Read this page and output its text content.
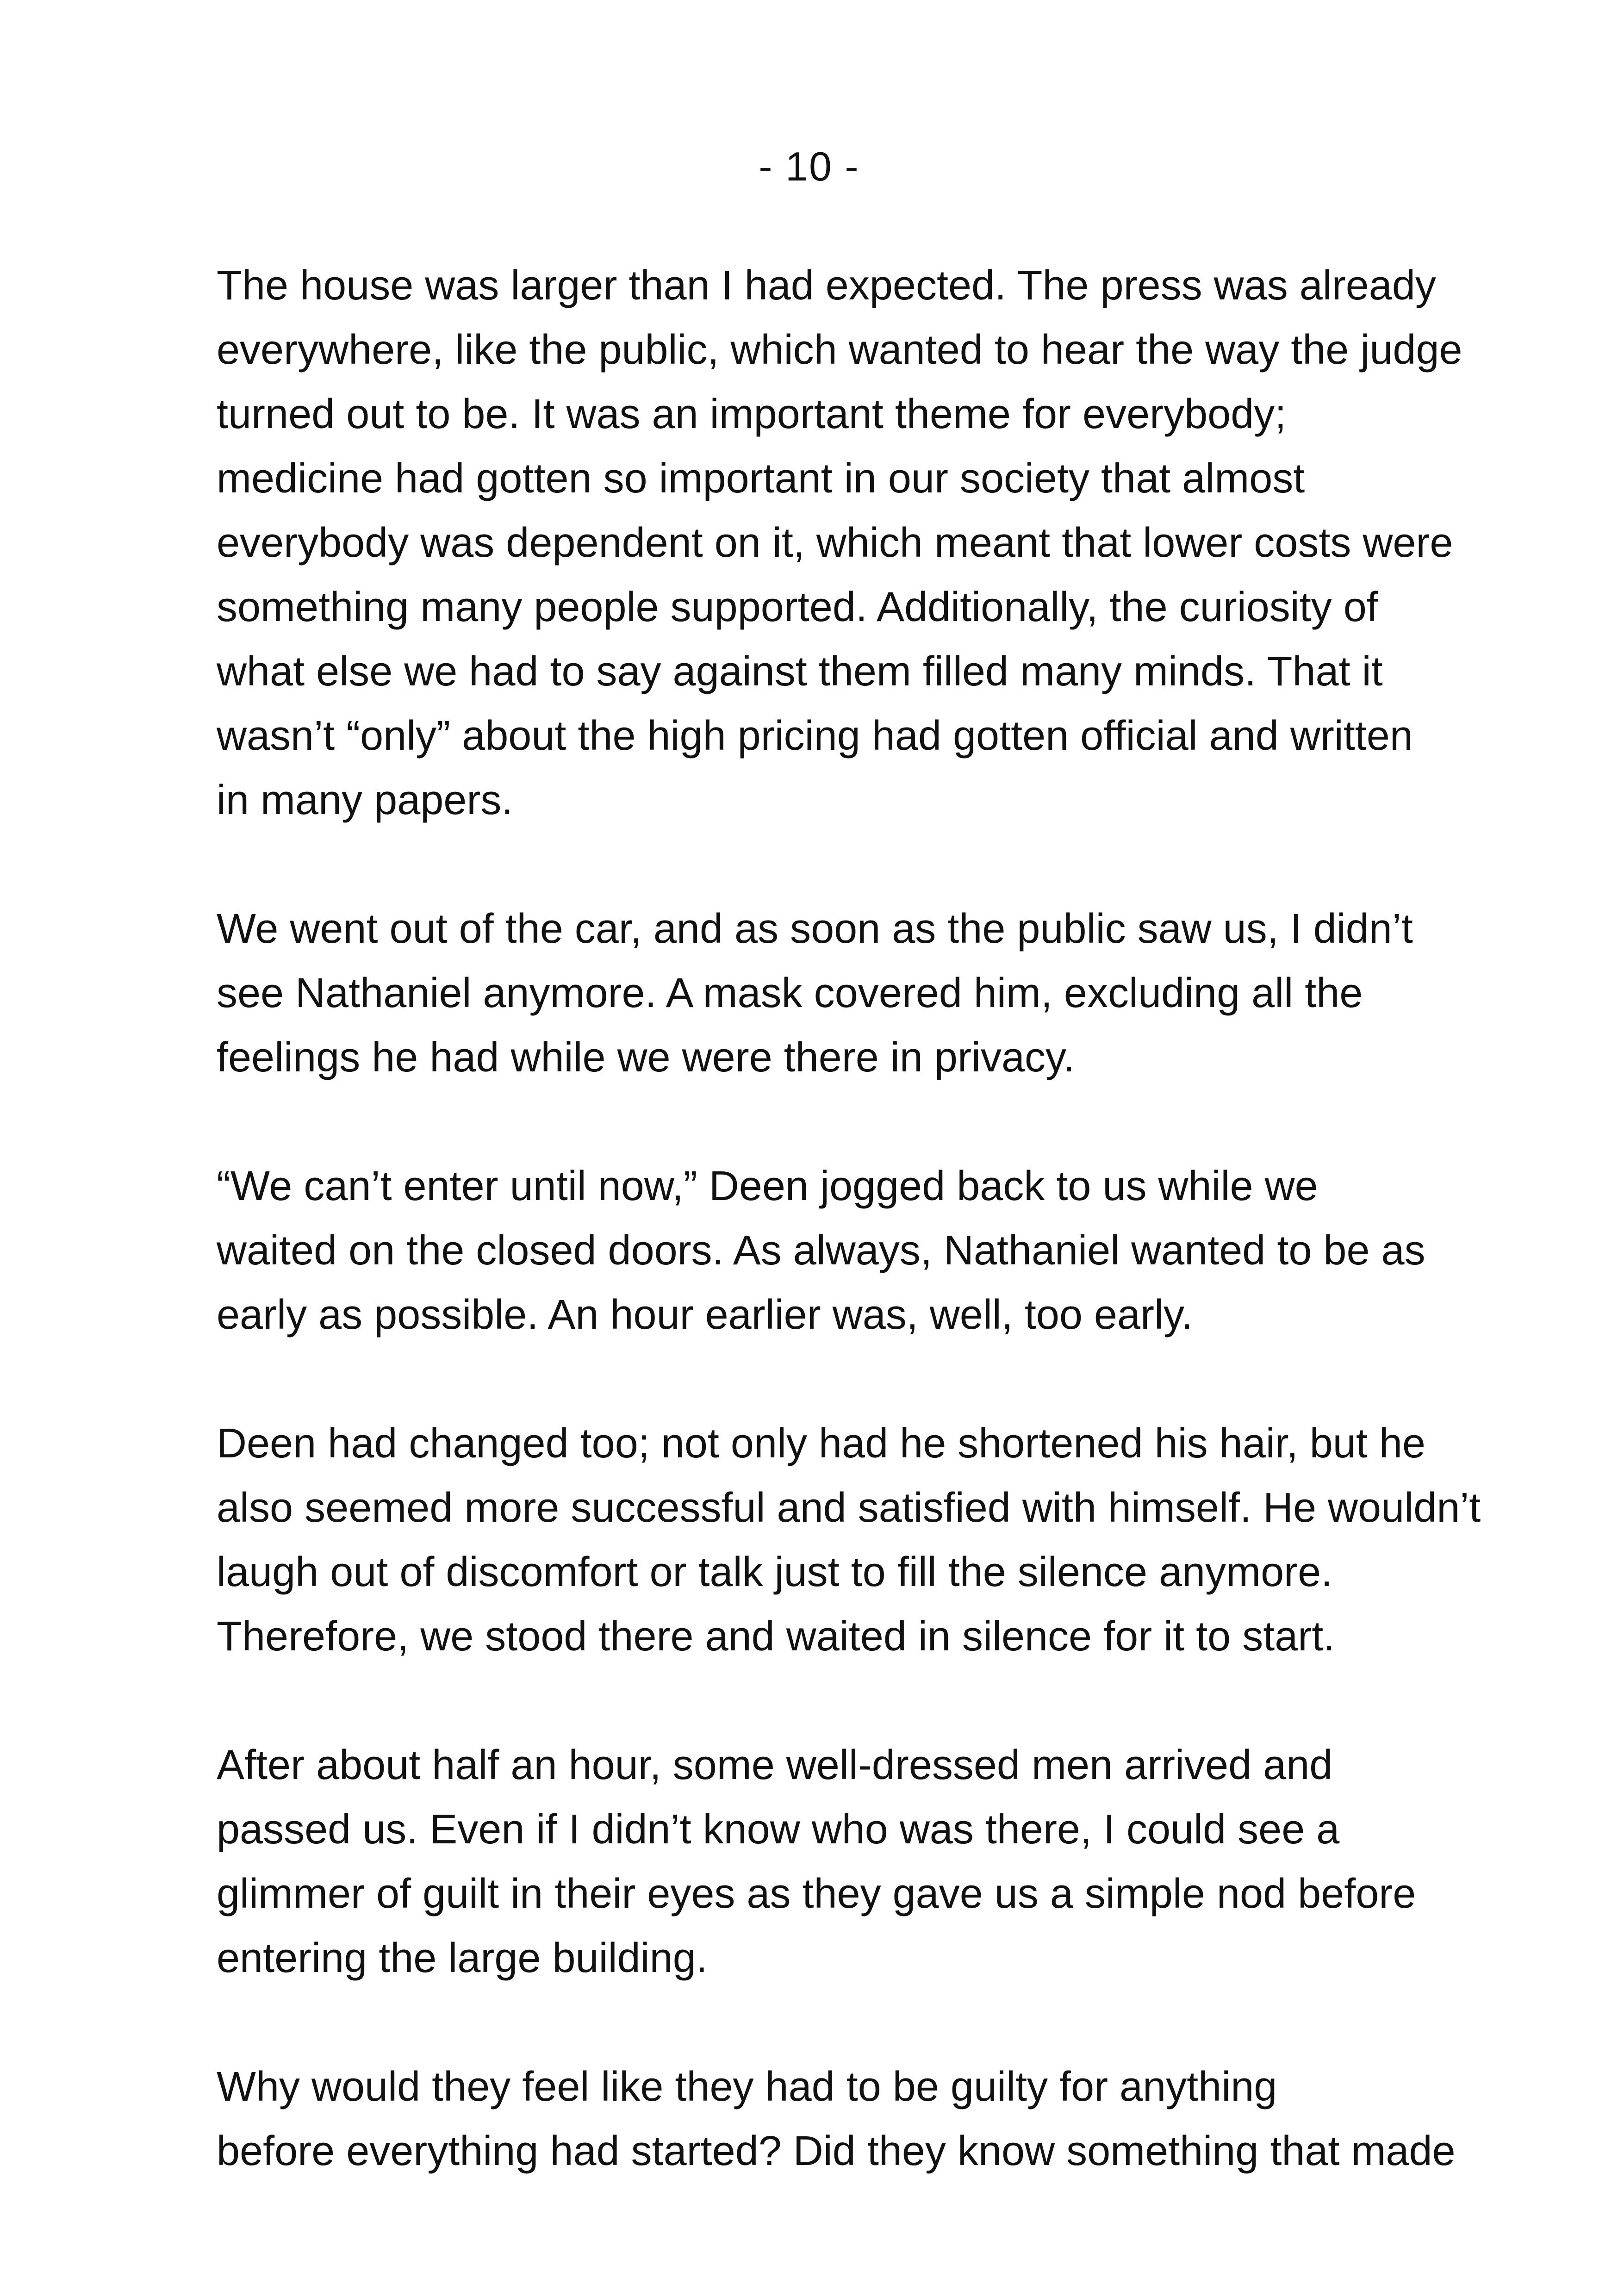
- 10 -

The house was larger than I had expected. The press was already
everywhere, like the public, which wanted to hear the way the judge
turned out to be. It was an important theme for everybody;
medicine had gotten so important in our society that almost
everybody was dependent on it, which meant that lower costs were
something many people supported. Additionally, the curiosity of
what else we had to say against them filled many minds. That it
wasn’t “only” about the high pricing had gotten official and written
in many papers.

We went out of the car, and as soon as the public saw us, I didn’t
see Nathaniel anymore. A mask covered him, excluding all the
feelings he had while we were there in privacy.

“We can’t enter until now,” Deen jogged back to us while we
waited on the closed doors. As always, Nathaniel wanted to be as
early as possible. An hour earlier was, well, too early.

Deen had changed too; not only had he shortened his hair, but he
also seemed more successful and satisfied with himself. He wouldn’t
laugh out of discomfort or talk just to fill the silence anymore.
Therefore, we stood there and waited in silence for it to start.

After about half an hour, some well-dressed men arrived and
passed us. Even if I didn’t know who was there, I could see a
glimmer of guilt in their eyes as they gave us a simple nod before
entering the large building.

Why would they feel like they had to be guilty for anything
before everything had started? Did they know something that made
